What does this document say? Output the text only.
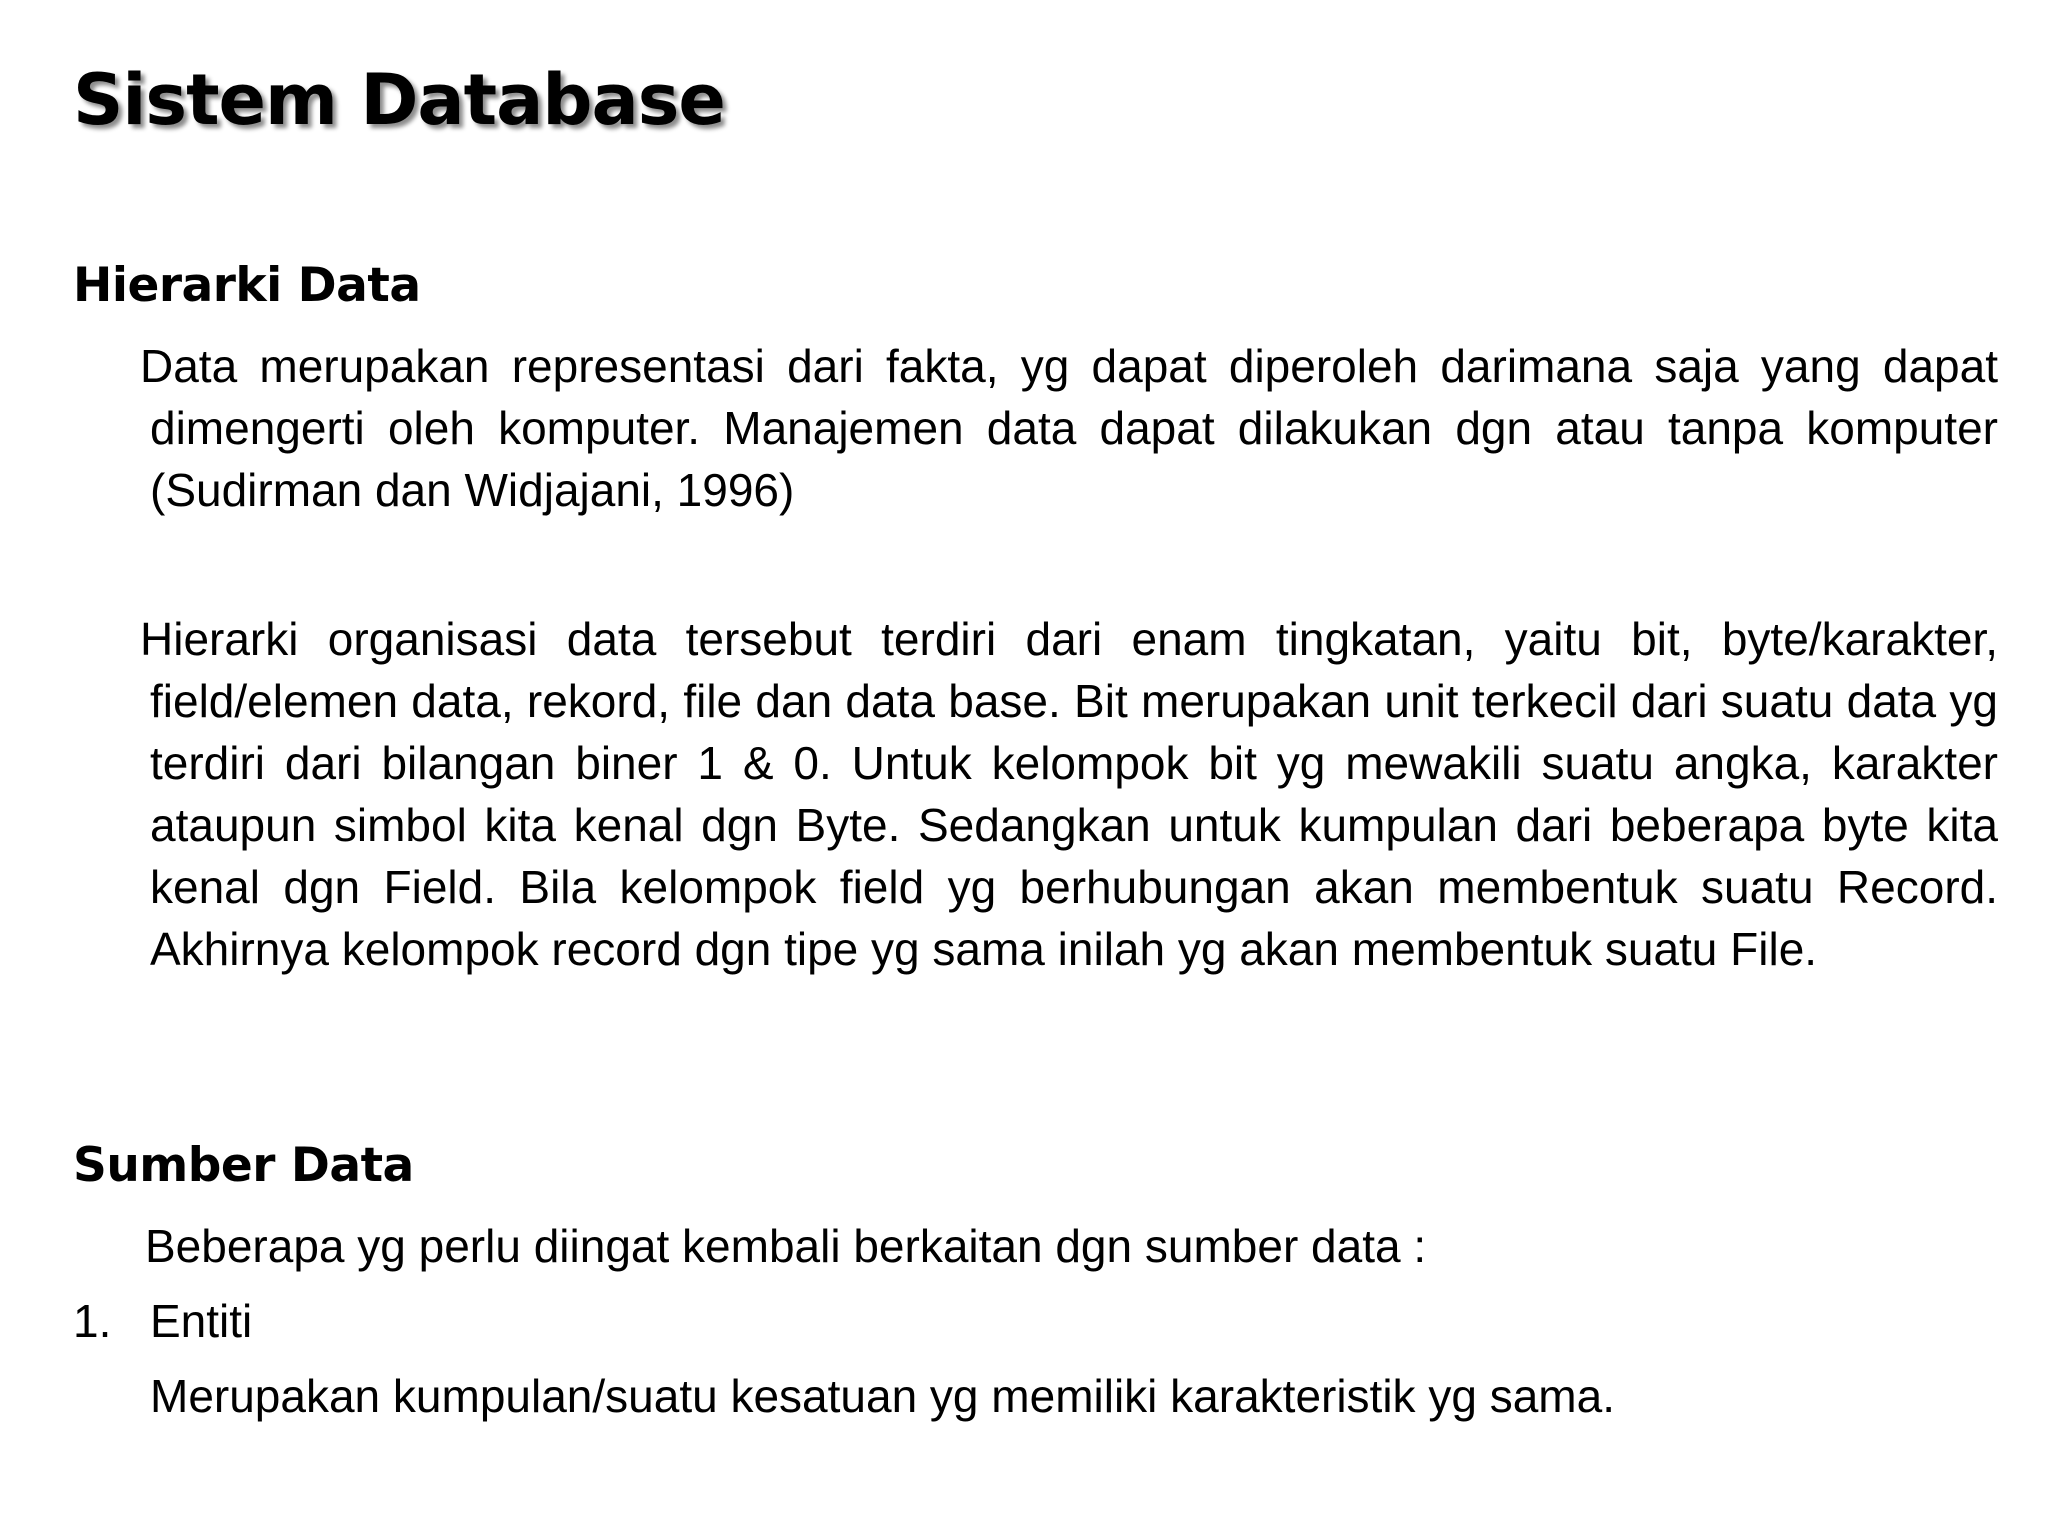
Sistem Database
Hierarki Data

Data merupakan representasi dari fakta, yg dapat diperoleh darimana saja yang dapat dimengerti oleh komputer. Manajemen data dapat dilakukan dgn atau tanpa komputer (Sudirman dan Widjajani, 1996)

Hierarki organisasi data tersebut terdiri dari enam tingkatan, yaitu bit, byte/karakter, field/elemen data, rekord, file dan data base. Bit merupakan unit terkecil dari suatu data yg terdiri dari bilangan biner 1 & 0. Untuk kelompok bit yg mewakili suatu angka, karakter ataupun simbol kita kenal dgn Byte. Sedangkan untuk kumpulan dari beberapa byte kita kenal dgn Field. Bila kelompok field yg berhubungan akan membentuk suatu Record. Akhirnya kelompok record dgn tipe yg sama inilah yg akan membentuk suatu File.

Sumber Data

Beberapa yg perlu diingat kembali berkaitan dgn sumber data :

1. Entiti

Merupakan kumpulan/suatu kesatuan yg memiliki karakteristik yg sama.
